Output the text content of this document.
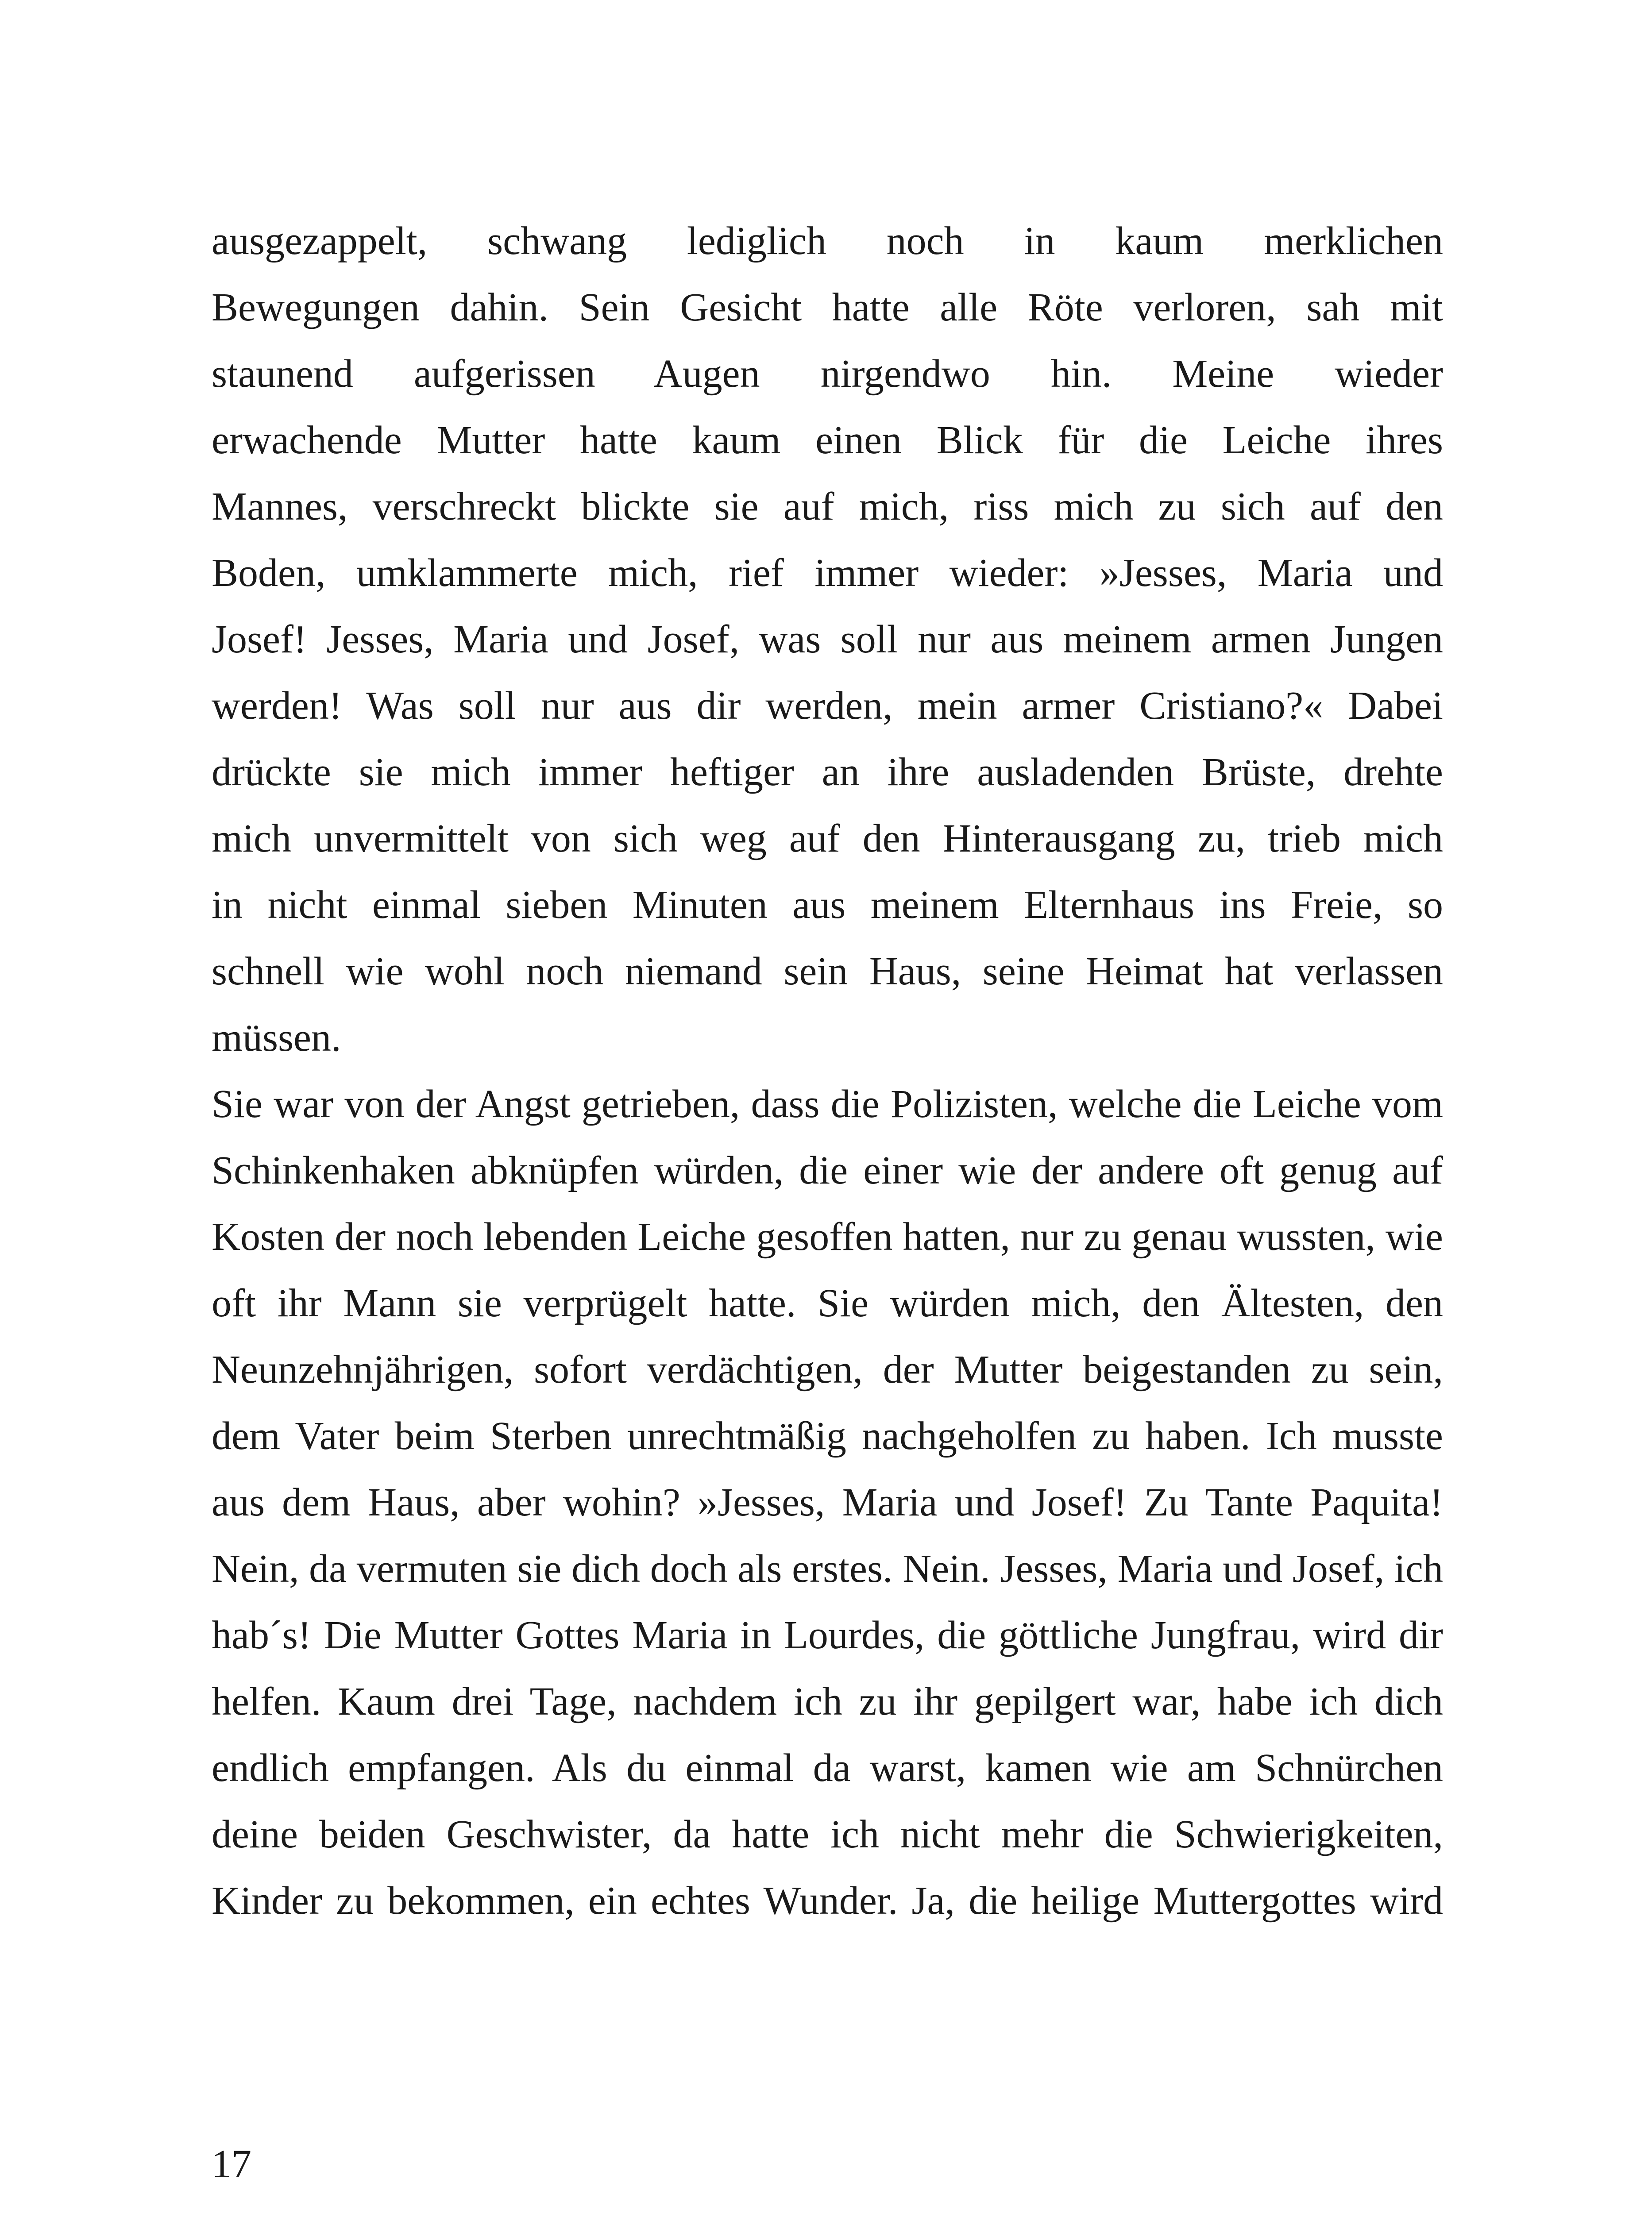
ausgezappelt, schwang lediglich noch in kaum merklichen
Bewegungen dahin. Sein Gesicht hatte alle Röte verloren, sah mit
staunend aufgerissen Augen nirgendwo hin. Meine wieder
erwachende Mutter hatte kaum einen Blick für die Leiche ihres
Mannes, verschreckt blickte sie auf mich, riss mich zu sich auf den
Boden, umklammerte mich, rief immer wieder: »Jesses, Maria und
Josef! Jesses, Maria und Josef, was soll nur aus meinem armen Jungen
werden! Was soll nur aus dir werden, mein armer Cristiano?« Dabei
drückte sie mich immer heftiger an ihre ausladenden Brüste, drehte
mich unvermittelt von sich weg auf den Hinterausgang zu, trieb mich
in nicht einmal sieben Minuten aus meinem Elternhaus ins Freie, so
schnell wie wohl noch niemand sein Haus, seine Heimat hat verlassen
müssen.
Sie war von der Angst getrieben, dass die Polizisten, welche die Leiche vom
Schinkenhaken abknüpfen würden, die einer wie der andere oft genug auf
Kosten der noch lebenden Leiche gesoffen hatten, nur zu genau wussten, wie
oft ihr Mann sie verprügelt hatte. Sie würden mich, den Ältesten, den
Neunzehnjährigen, sofort verdächtigen, der Mutter beigestanden zu sein,
dem Vater beim Sterben unrechtmäßig nachgeholfen zu haben. Ich musste
aus dem Haus, aber wohin? »Jesses, Maria und Josef! Zu Tante Paquita!
Nein, da vermuten sie dich doch als erstes. Nein. Jesses, Maria und Josef, ich
hab´s! Die Mutter Gottes Maria in Lourdes, die göttliche Jungfrau, wird dir
helfen. Kaum drei Tage, nachdem ich zu ihr gepilgert war, habe ich dich
endlich empfangen. Als du einmal da warst, kamen wie am Schnürchen
deine beiden Geschwister, da hatte ich nicht mehr die Schwierigkeiten,
Kinder zu bekommen, ein echtes Wunder. Ja, die heilige Muttergottes wird
17
